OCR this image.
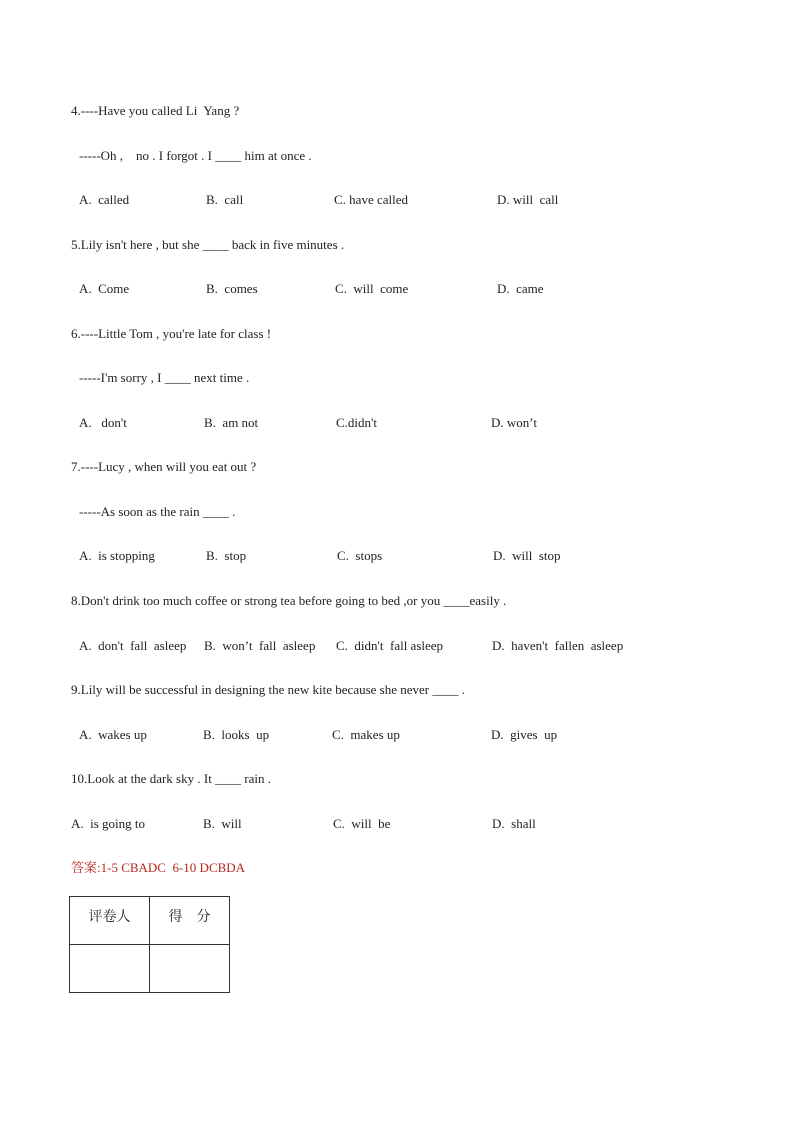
4.----Have you called Li  Yang ?
-----Oh ,    no . I forgot . I ____ him at once .
A.  called	B.  call	C. have called	D. will  call
5.Lily isn't here , but she ____ back in five minutes .
A.  Come	B.  comes	C.  will  come	D.  came
6.----Little Tom , you're late for class !
-----I'm sorry , I ____ next time .
A.   don't	B.  am not	C.didn't	D. won’t
7.----Lucy , when will you eat out ?
-----As soon as the rain ____ .
A.  is stopping	B.  stop	C.  stops	D.  will  stop
8.Don't drink too much coffee or strong tea before going to bed ,or you ____easily .
A.  don't  fall  asleep B.  won’t  fall  asleep C.  didn't  fall asleep	D.  haven't  fallen  asleep
9.Lily will be successful in designing the new kite because she never ____ .
A.  wakes up	B.  looks  up	C.  makes up	D.  gives  up
10.Look at the dark sky . It ____ rain .
A.  is going to	B.  will	C.  will  be	D.  shall
答案:1-5 CBADC  6-10 DCBDA
评卷人	得　分
